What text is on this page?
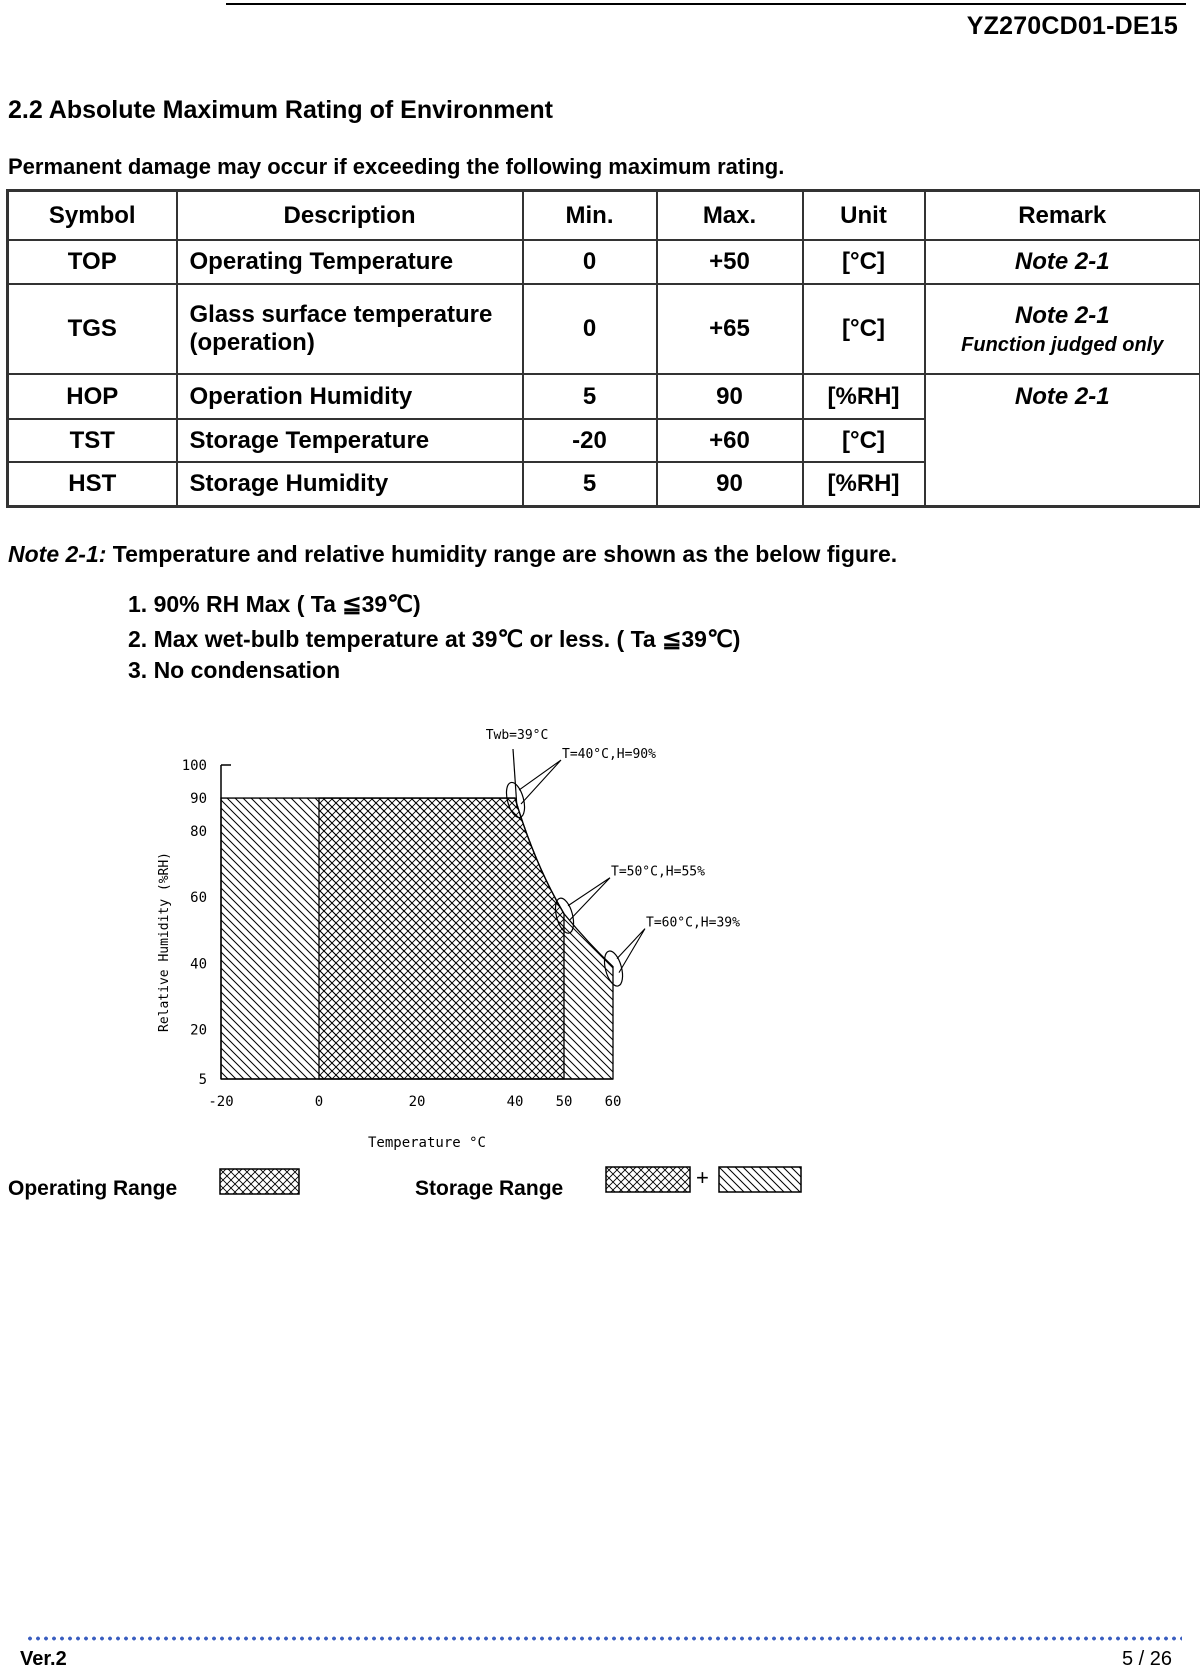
YZ270CD01-DE15
2.2 Absolute Maximum Rating of Environment
Permanent damage may occur if exceeding the following maximum rating.
Symbol	Description	Min.	Max.	Unit	Remark
TOP	Operating Temperature	0	+50	[°C]	Note 2-1
TGS	Glass surface temperature (operation)	0	+65	[°C]	Note 2-1
Function judged only

HOP	Operation Humidity	5	90	[%RH]	Note 2-1
TST	Storage Temperature	-20	+60	[°C]	
HST	Storage Humidity	5	90	[%RH]	
Note 2-1: Temperature and relative humidity range are shown as the below figure.
1. 90% RH Max ( Ta ≦39℃)
2. Max wet-bulb temperature at 39℃ or less. ( Ta ≦39℃)
3. No condensation
5
20
40
60
80
90
100
-20	0	20	40 50 60
Temperature °C
Relative Humidity (%RH)
Twb=39°C
T=40°C,H=90%
T=50°C,H=55%
T=60°C,H=39%
Operating Range	Storage Range	+
Ver.2	5 / 26
